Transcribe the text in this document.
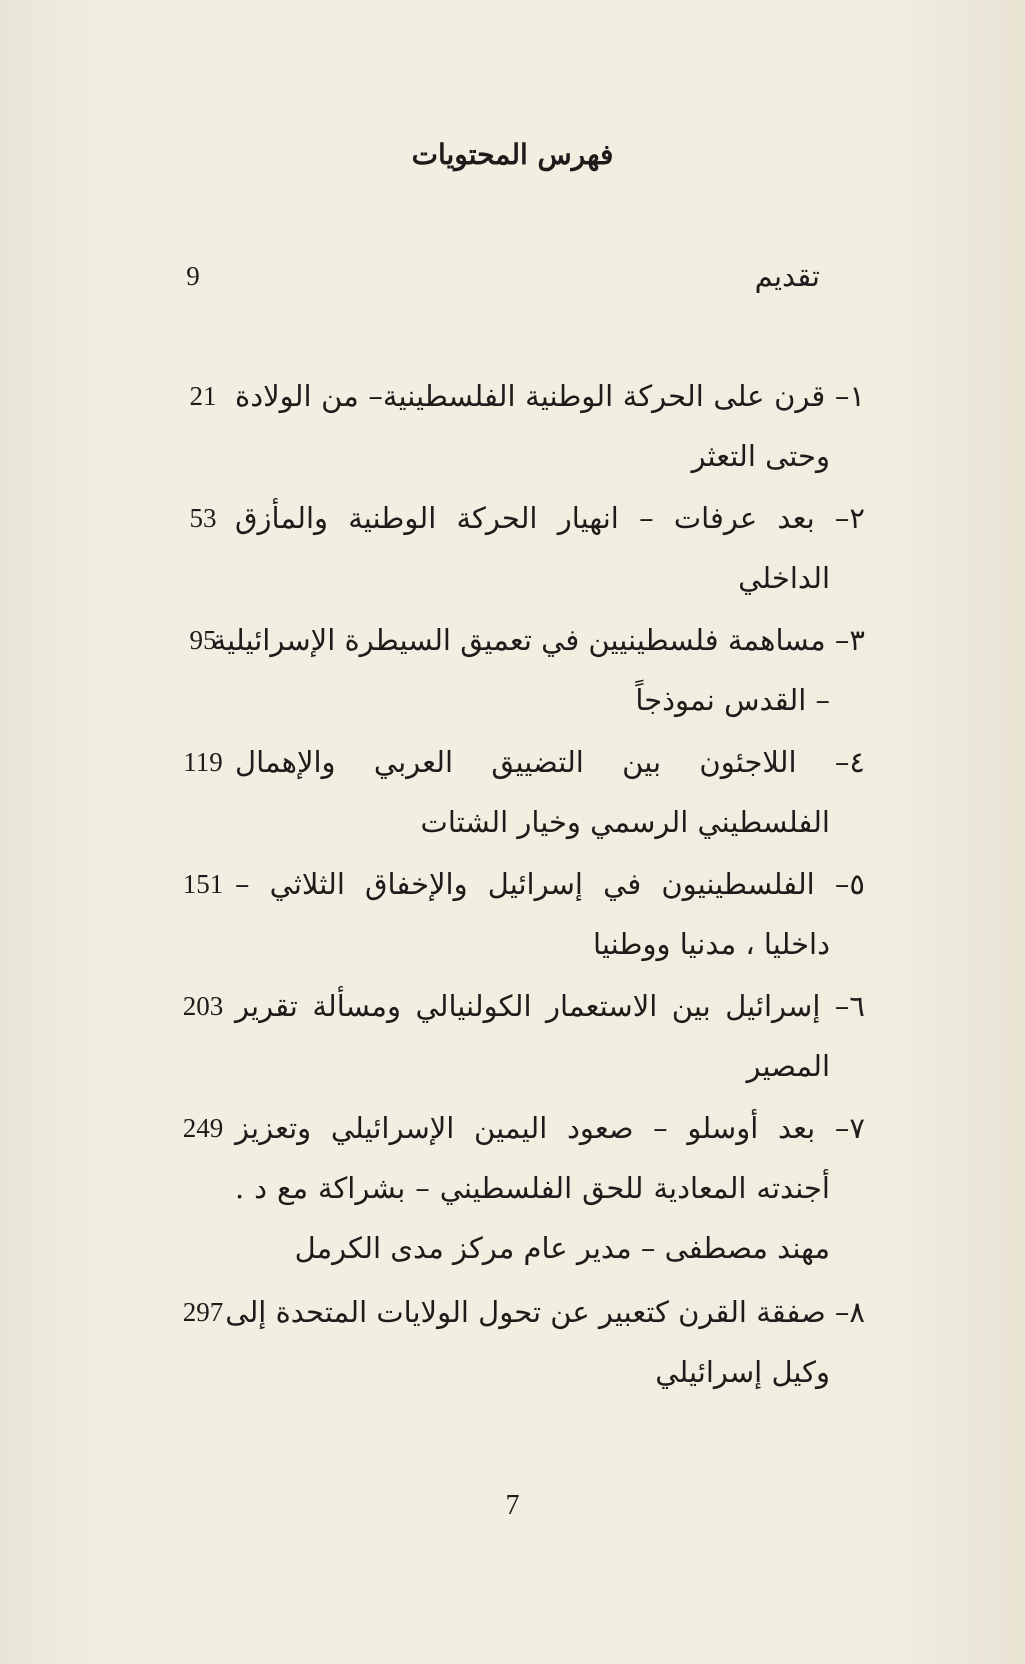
فهرس المحتويات
تقديم
9
١– قرن على الحركة الوطنية الفلسطينية– من الولادة
21
وحتى التعثر
٢– بعد عرفات – انهيار الحركة الوطنية والمأزق
53
الداخلي
٣– مساهمة فلسطينيين في تعميق السيطرة الإسرائيلية
95
– القدس نموذجاً
٤– اللاجئون بين التضييق العربي والإهمال
119
الفلسطيني الرسمي وخيار الشتات
٥– الفلسطينيون في إسرائيل والإخفاق الثلاثي –
151
داخليا ، مدنيا ووطنيا
٦– إسرائيل بين الاستعمار الكولنيالي ومسألة تقرير
203
المصير
٧– بعد أوسلو – صعود اليمين الإسرائيلي وتعزيز
249
أجندته المعادية للحق الفلسطيني – بشراكة مع د .
مهند مصطفى – مدير عام مركز مدى الكرمل
٨– صفقة القرن كتعبير عن تحول الولايات المتحدة إلى
297
وكيل إسرائيلي
7
